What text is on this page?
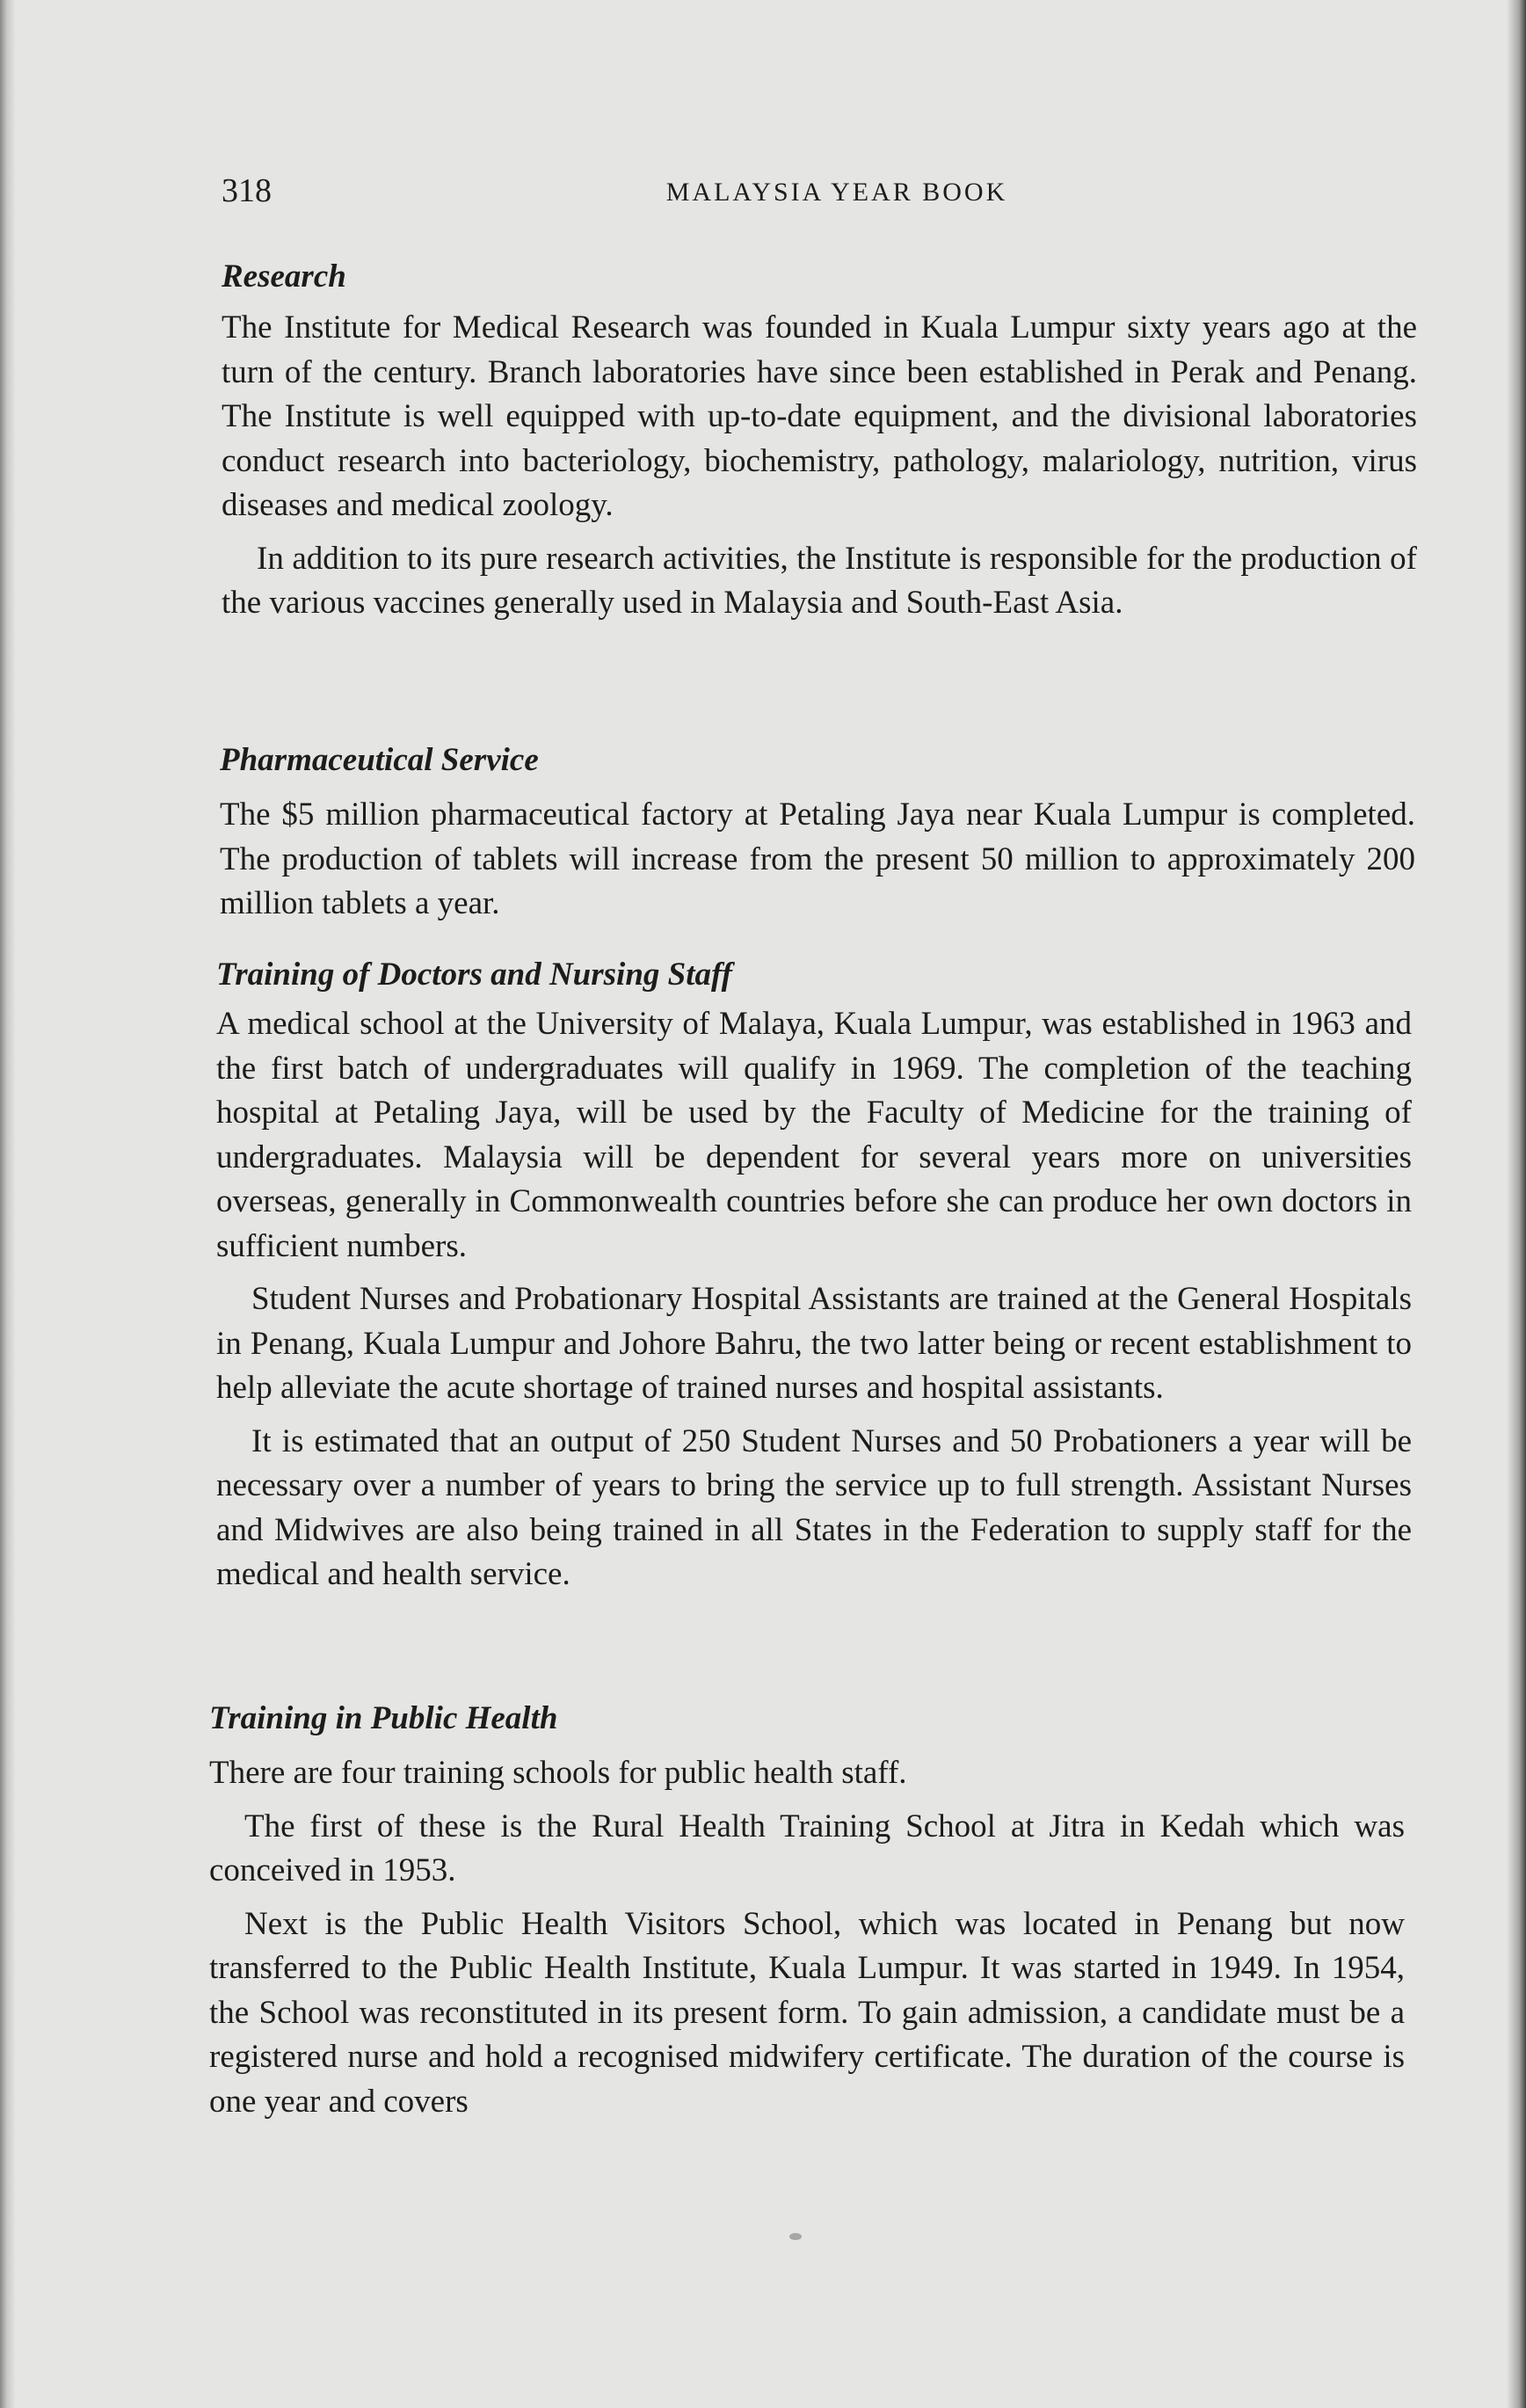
318	MALAYSIA YEAR BOOK
Research

The Institute for Medical Research was founded in Kuala Lumpur sixty years ago at the turn of the century. Branch laboratories have since been established in Perak and Penang. The Institute is well equipped with up-to-date equipment, and the divisional laboratories conduct research into bacteriology, biochemistry, pathology, malariology, nutrition, virus diseases and medical zoology.

In addition to its pure research activities, the Institute is responsible for the production of the various vaccines generally used in Malaysia and South-East Asia.

Pharmaceutical Service

The $5 million pharmaceutical factory at Petaling Jaya near Kuala Lumpur is completed. The production of tablets will increase from the present 50 million to approximately 200 million tablets a year.

Training of Doctors and Nursing Staff

A medical school at the University of Malaya, Kuala Lumpur, was established in 1963 and the first batch of undergraduates will qualify in 1969. The completion of the teaching hospital at Petaling Jaya, will be used by the Faculty of Medicine for the training of undergraduates. Malaysia will be dependent for several years more on universities overseas, generally in Commonwealth countries before she can produce her own doctors in sufficient numbers.

Student Nurses and Probationary Hospital Assistants are trained at the General Hospitals in Penang, Kuala Lumpur and Johore Bahru, the two latter being or recent establishment to help alleviate the acute shortage of trained nurses and hospital assistants.

It is estimated that an output of 250 Student Nurses and 50 Probationers a year will be necessary over a number of years to bring the service up to full strength. Assistant Nurses and Midwives are also being trained in all States in the Federation to supply staff for the medical and health service.

Training in Public Health

There are four training schools for public health staff.

The first of these is the Rural Health Training School at Jitra in Kedah which was conceived in 1953.

Next is the Public Health Visitors School, which was located in Penang but now transferred to the Public Health Institute, Kuala Lumpur. It was started in 1949. In 1954, the School was reconstituted in its present form. To gain admission, a candidate must be a registered nurse and hold a recognised midwifery certificate. The duration of the course is one year and covers
